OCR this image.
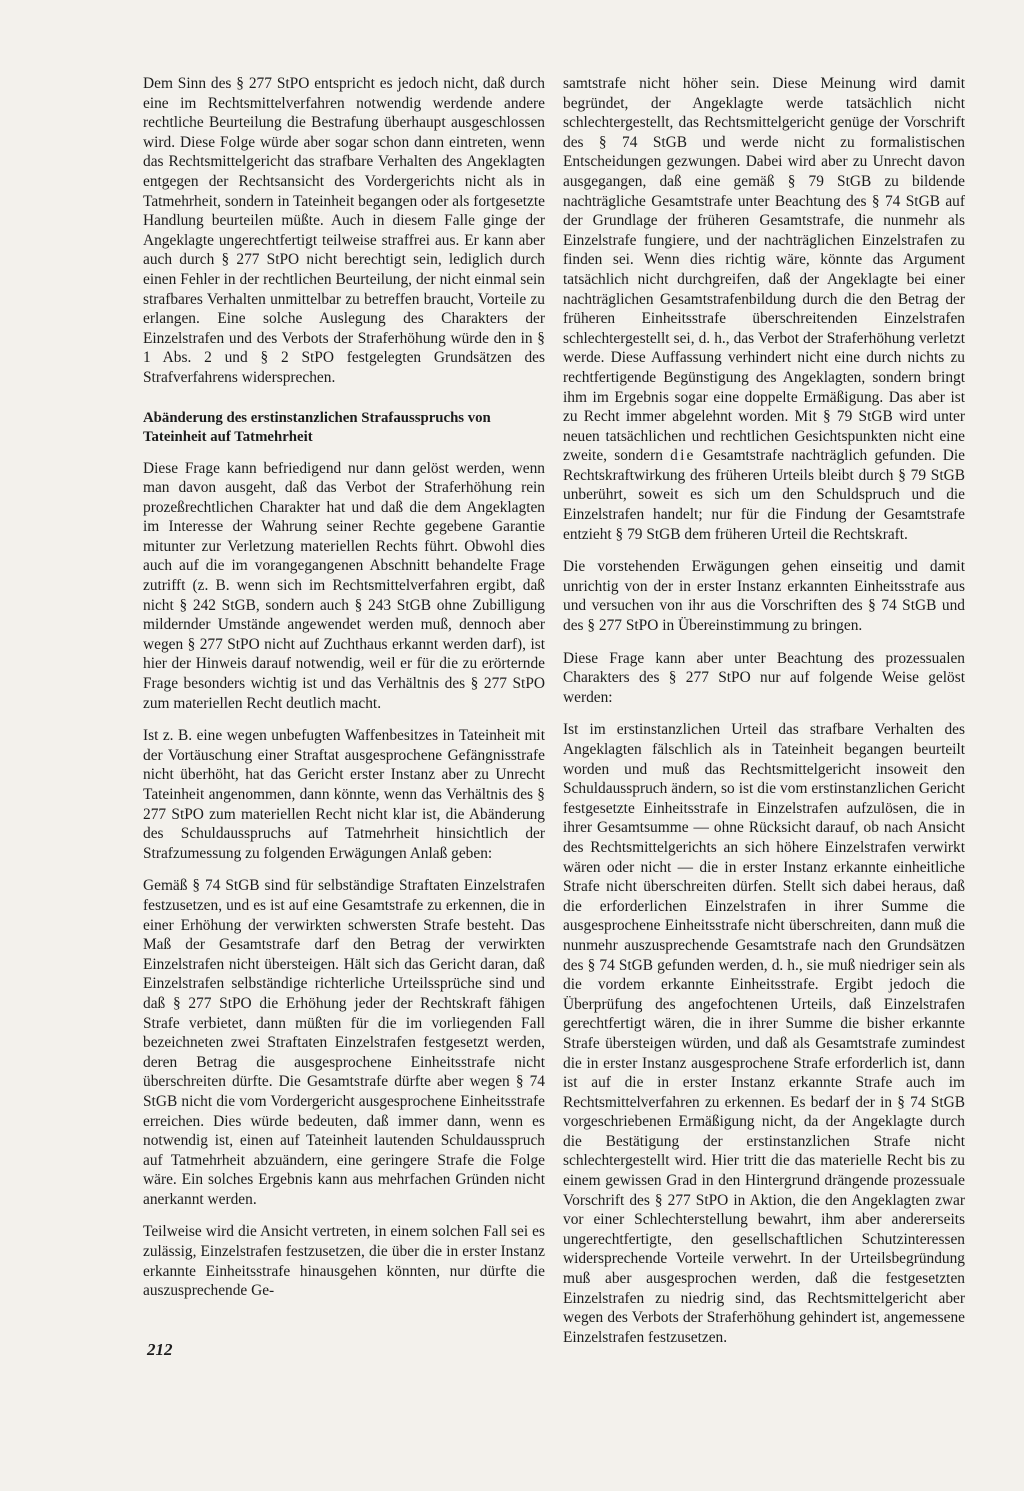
Dem Sinn des § 277 StPO entspricht es jedoch nicht, daß durch eine im Rechtsmittelverfahren notwendig werdende andere rechtliche Beurteilung die Bestrafung überhaupt ausgeschlossen wird. Diese Folge würde aber sogar schon dann eintreten, wenn das Rechtsmittelgericht das strafbare Verhalten des Angeklagten entgegen der Rechtsansicht des Vordergerichts nicht als in Tatmehrheit, sondern in Tateinheit begangen oder als fortgesetzte Handlung beurteilen müßte. Auch in diesem Falle ginge der Angeklagte ungerechtfertigt teilweise straffrei aus. Er kann aber auch durch § 277 StPO nicht berechtigt sein, lediglich durch einen Fehler in der rechtlichen Beurteilung, der nicht einmal sein strafbares Verhalten unmittelbar zu betreffen braucht, Vorteile zu erlangen. Eine solche Auslegung des Charakters der Einzelstrafen und des Verbots der Straferhöhung würde den in § 1 Abs. 2 und § 2 StPO festgelegten Grundsätzen des Strafverfahrens widersprechen.

Abänderung des erstinstanzlichen Strafausspruchs von Tateinheit auf Tatmehrheit

Diese Frage kann befriedigend nur dann gelöst werden, wenn man davon ausgeht, daß das Verbot der Straferhöhung rein prozeßrechtlichen Charakter hat und daß die dem Angeklagten im Interesse der Wahrung seiner Rechte gegebene Garantie mitunter zur Verletzung materiellen Rechts führt. Obwohl dies auch auf die im vorangegangenen Abschnitt behandelte Frage zutrifft (z. B. wenn sich im Rechtsmittelverfahren ergibt, daß nicht § 242 StGB, sondern auch § 243 StGB ohne Zubilligung mildernder Umstände angewendet werden muß, dennoch aber wegen § 277 StPO nicht auf Zuchthaus erkannt werden darf), ist hier der Hinweis darauf notwendig, weil er für die zu erörternde Frage besonders wichtig ist und das Verhältnis des § 277 StPO zum materiellen Recht deutlich macht.

Ist z. B. eine wegen unbefugten Waffenbesitzes in Tateinheit mit der Vortäuschung einer Straftat ausgesprochene Gefängnisstrafe nicht überhöht, hat das Gericht erster Instanz aber zu Unrecht Tateinheit angenommen, dann könnte, wenn das Verhältnis des § 277 StPO zum materiellen Recht nicht klar ist, die Abänderung des Schuldausspruchs auf Tatmehrheit hinsichtlich der Strafzumessung zu folgenden Erwägungen Anlaß geben:

Gemäß § 74 StGB sind für selbständige Straftaten Einzelstrafen festzusetzen, und es ist auf eine Gesamtstrafe zu erkennen, die in einer Erhöhung der verwirkten schwersten Strafe besteht. Das Maß der Gesamtstrafe darf den Betrag der verwirkten Einzelstrafen nicht übersteigen. Hält sich das Gericht daran, daß Einzelstrafen selbständige richterliche Urteilssprüche sind und daß § 277 StPO die Erhöhung jeder der Rechtskraft fähigen Strafe verbietet, dann müßten für die im vorliegenden Fall bezeichneten zwei Straftaten Einzelstrafen festgesetzt werden, deren Betrag die ausgesprochene Einheitsstrafe nicht überschreiten dürfte. Die Gesamtstrafe dürfte aber wegen § 74 StGB nicht die vom Vordergericht ausgesprochene Einheitsstrafe erreichen. Dies würde bedeuten, daß immer dann, wenn es notwendig ist, einen auf Tateinheit lautenden Schuldausspruch auf Tatmehrheit abzuändern, eine geringere Strafe die Folge wäre. Ein solches Ergebnis kann aus mehrfachen Gründen nicht anerkannt werden.

Teilweise wird die Ansicht vertreten, in einem solchen Fall sei es zulässig, Einzelstrafen festzusetzen, die über die in erster Instanz erkannte Einheitsstrafe hinausgehen könnten, nur dürfte die auszusprechende Ge-

samtstrafe nicht höher sein. Diese Meinung wird damit begründet, der Angeklagte werde tatsächlich nicht schlechtergestellt, das Rechtsmittelgericht genüge der Vorschrift des § 74 StGB und werde nicht zu formalistischen Entscheidungen gezwungen. Dabei wird aber zu Unrecht davon ausgegangen, daß eine gemäß § 79 StGB zu bildende nachträgliche Gesamtstrafe unter Beachtung des § 74 StGB auf der Grundlage der früheren Gesamtstrafe, die nunmehr als Einzelstrafe fungiere, und der nachträglichen Einzelstrafen zu finden sei. Wenn dies richtig wäre, könnte das Argument tatsächlich nicht durchgreifen, daß der Angeklagte bei einer nachträglichen Gesamtstrafenbildung durch die den Betrag der früheren Einheitsstrafe überschreitenden Einzelstrafen schlechtergestellt sei, d. h., das Verbot der Straferhöhung verletzt werde. Diese Auffassung verhindert nicht eine durch nichts zu rechtfertigende Begünstigung des Angeklagten, sondern bringt ihm im Ergebnis sogar eine doppelte Ermäßigung. Das aber ist zu Recht immer abgelehnt worden. Mit § 79 StGB wird unter neuen tatsächlichen und rechtlichen Gesichtspunkten nicht eine zweite, sondern die Gesamtstrafe nachträglich gefunden. Die Rechtskraftwirkung des früheren Urteils bleibt durch § 79 StGB unberührt, soweit es sich um den Schuldspruch und die Einzelstrafen handelt; nur für die Findung der Gesamtstrafe entzieht § 79 StGB dem früheren Urteil die Rechtskraft.

Die vorstehenden Erwägungen gehen einseitig und damit unrichtig von der in erster Instanz erkannten Einheitsstrafe aus und versuchen von ihr aus die Vorschriften des § 74 StGB und des § 277 StPO in Übereinstimmung zu bringen.

Diese Frage kann aber unter Beachtung des prozessualen Charakters des § 277 StPO nur auf folgende Weise gelöst werden:

Ist im erstinstanzlichen Urteil das strafbare Verhalten des Angeklagten fälschlich als in Tateinheit begangen beurteilt worden und muß das Rechtsmittelgericht insoweit den Schuldausspruch ändern, so ist die vom erstinstanzlichen Gericht festgesetzte Einheitsstrafe in Einzelstrafen aufzulösen, die in ihrer Gesamtsumme — ohne Rücksicht darauf, ob nach Ansicht des Rechtsmittelgerichts an sich höhere Einzelstrafen verwirkt wären oder nicht — die in erster Instanz erkannte einheitliche Strafe nicht überschreiten dürfen. Stellt sich dabei heraus, daß die erforderlichen Einzelstrafen in ihrer Summe die ausgesprochene Einheitsstrafe nicht überschreiten, dann muß die nunmehr auszusprechende Gesamtstrafe nach den Grundsätzen des § 74 StGB gefunden werden, d. h., sie muß niedriger sein als die vordem erkannte Einheitsstrafe. Ergibt jedoch die Überprüfung des angefochtenen Urteils, daß Einzelstrafen gerechtfertigt wären, die in ihrer Summe die bisher erkannte Strafe übersteigen würden, und daß als Gesamtstrafe zumindest die in erster Instanz ausgesprochene Strafe erforderlich ist, dann ist auf die in erster Instanz erkannte Strafe auch im Rechtsmittelverfahren zu erkennen. Es bedarf der in § 74 StGB vorgeschriebenen Ermäßigung nicht, da der Angeklagte durch die Bestätigung der erstinstanzlichen Strafe nicht schlechtergestellt wird. Hier tritt die das materielle Recht bis zu einem gewissen Grad in den Hintergrund drängende prozessuale Vorschrift des § 277 StPO in Aktion, die den Angeklagten zwar vor einer Schlechterstellung bewahrt, ihm aber andererseits ungerechtfertigte, den gesellschaftlichen Schutzinteressen widersprechende Vorteile verwehrt. In der Urteilsbegründung muß aber ausgesprochen werden, daß die festgesetzten Einzelstrafen zu niedrig sind, das Rechtsmittelgericht aber wegen des Verbots der Straferhöhung gehindert ist, angemessene Einzelstrafen festzusetzen.

212
